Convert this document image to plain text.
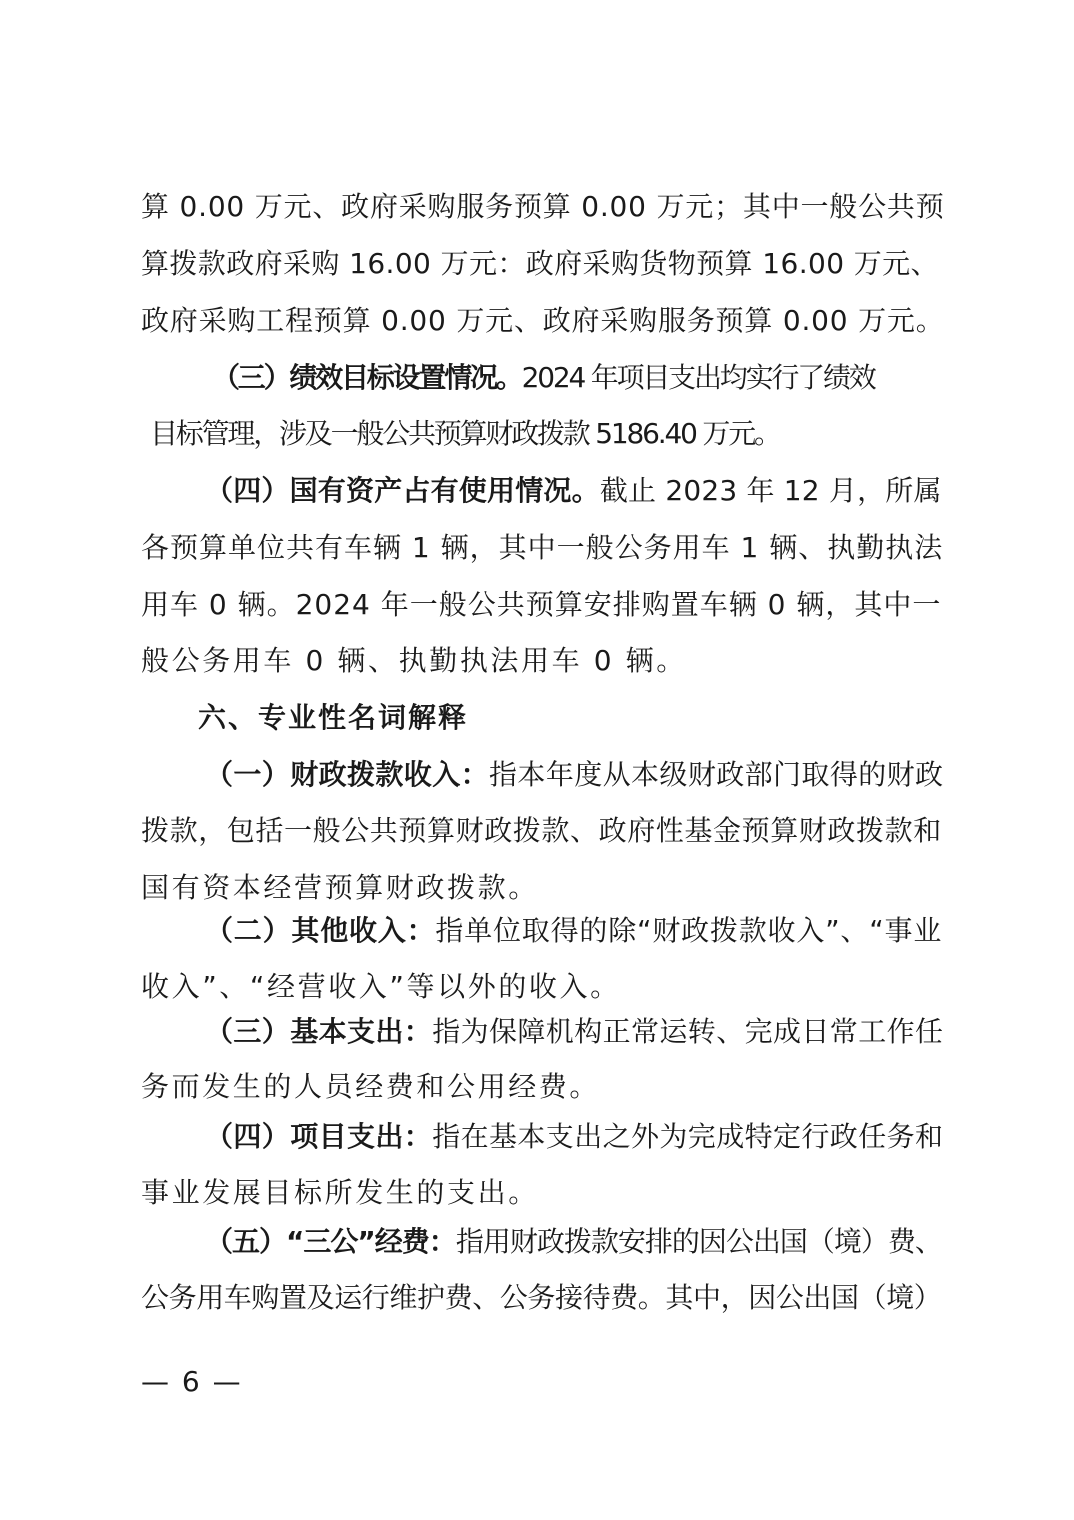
算 0.00 万元、政府采购服务预算 0.00 万元；其中一般公共预
算拨款政府采购 16.00 万元：政府采购货物预算 16.00 万元、
政府采购工程预算 0.00 万元、政府采购服务预算 0.00 万元。
（三）绩效目标设置情况。2024 年项目支出均实行了绩效
目标管理，涉及一般公共预算财政拨款 5186.40 万元。
（四）国有资产占有使用情况。截止 2023 年 12 月，所属
各预算单位共有车辆 1 辆，其中一般公务用车 1 辆、执勤执法
用车 0 辆。2024 年一般公共预算安排购置车辆 0 辆，其中一
般公务用车 0 辆、执勤执法用车 0 辆。
六、专业性名词解释
（一）财政拨款收入：指本年度从本级财政部门取得的财政
拨款，包括一般公共预算财政拨款、政府性基金预算财政拨款和
国有资本经营预算财政拨款。
（二）其他收入：指单位取得的除“财政拨款收入”、“事业
收入”、“经营收入”等以外的收入。
（三）基本支出：指为保障机构正常运转、完成日常工作任
务而发生的人员经费和公用经费。
（四）项目支出：指在基本支出之外为完成特定行政任务和
事业发展目标所发生的支出。
（五）“三公”经费：指用财政拨款安排的因公出国（境）费、
公务用车购置及运行维护费、公务接待费。其中，因公出国（境）
— 6 —
